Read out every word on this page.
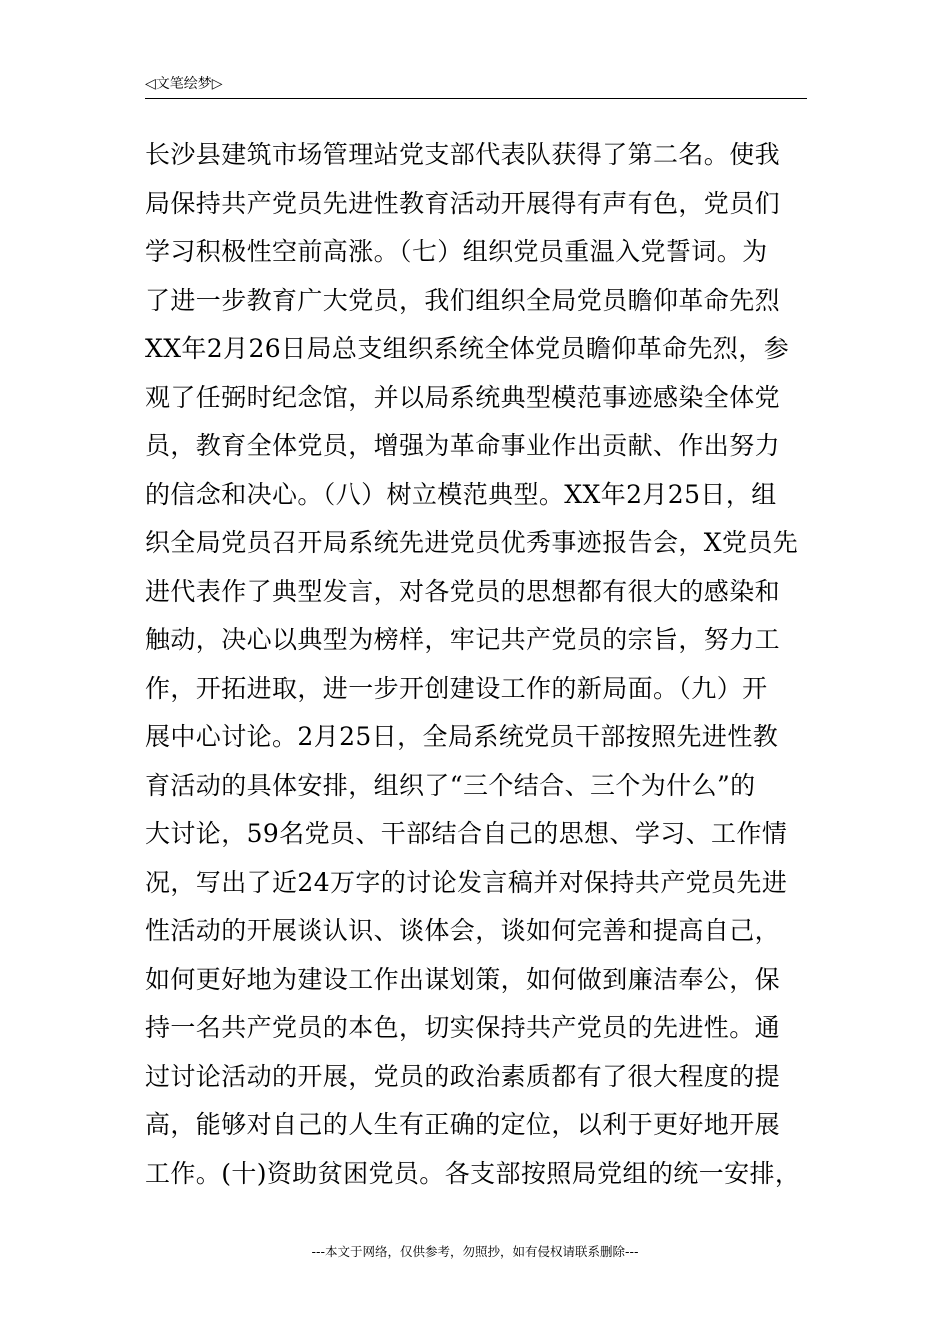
◁文笔绘梦▷
长沙县建筑市场管理站党支部代表队获得了第二名。使我
局保持共产党员先进性教育活动开展得有声有色，党员们
学习积极性空前高涨。（七）组织党员重温入党誓词。为
了进一步教育广大党员，我们组织全局党员瞻仰革命先烈
XX年2月26日局总支组织系统全体党员瞻仰革命先烈，参
观了任弼时纪念馆，并以局系统典型模范事迹感染全体党
员，教育全体党员，增强为革命事业作出贡献、作出努力
的信念和决心。（八）树立模范典型。XX年2月25日，组
织全局党员召开局系统先进党员优秀事迹报告会，X党员先
进代表作了典型发言，对各党员的思想都有很大的感染和
触动，决心以典型为榜样，牢记共产党员的宗旨，努力工
作，开拓进取，进一步开创建设工作的新局面。（九）开
展中心讨论。2月25日，全局系统党员干部按照先进性教
育活动的具体安排，组织了“三个结合、三个为什么”的
大讨论，59名党员、干部结合自己的思想、学习、工作情
况，写出了近24万字的讨论发言稿并对保持共产党员先进
性活动的开展谈认识、谈体会，谈如何完善和提高自己，
如何更好地为建设工作出谋划策，如何做到廉洁奉公，保
持一名共产党员的本色，切实保持共产党员的先进性。通
过讨论活动的开展，党员的政治素质都有了很大程度的提
高，能够对自己的人生有正确的定位，以利于更好地开展
工作。(十)资助贫困党员。各支部按照局党组的统一安排，
---本文于网络，仅供参考，勿照抄，如有侵权请联系删除---
